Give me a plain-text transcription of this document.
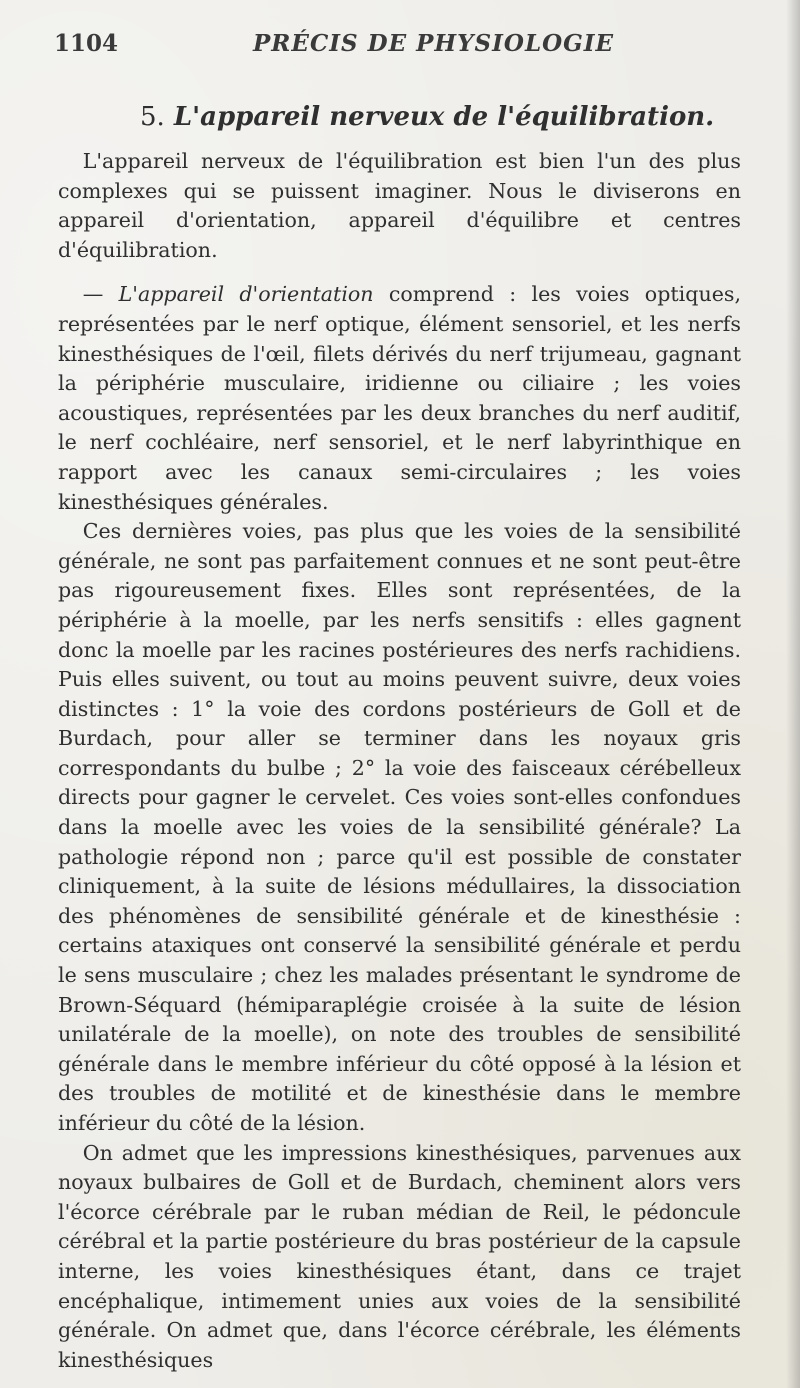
1104	PRÉCIS DE PHYSIOLOGIE
5. L'appareil nerveux de l'équilibration.

L'appareil nerveux de l'équilibration est bien l'un des plus complexes qui se puissent imaginer. Nous le diviserons en appareil d'orientation, appareil d'équilibre et centres d'équilibration.

— L'appareil d'orientation comprend : les voies optiques, représentées par le nerf optique, élément sensoriel, et les nerfs kinesthésiques de l'œil, filets dérivés du nerf trijumeau, gagnant la périphérie musculaire, iridienne ou ciliaire ; les voies acoustiques, représentées par les deux branches du nerf auditif, le nerf cochléaire, nerf sensoriel, et le nerf labyrinthique en rapport avec les canaux semi-circulaires ; les voies kinesthésiques générales.

Ces dernières voies, pas plus que les voies de la sensibilité générale, ne sont pas parfaitement connues et ne sont peut-être pas rigoureusement fixes. Elles sont représentées, de la périphérie à la moelle, par les nerfs sensitifs : elles gagnent donc la moelle par les racines postérieures des nerfs rachidiens. Puis elles suivent, ou tout au moins peuvent suivre, deux voies distinctes : 1° la voie des cordons postérieurs de Goll et de Burdach, pour aller se terminer dans les noyaux gris correspondants du bulbe ; 2° la voie des faisceaux cérébelleux directs pour gagner le cervelet. Ces voies sont-elles confondues dans la moelle avec les voies de la sensibilité générale? La pathologie répond non ; parce qu'il est possible de constater cliniquement, à la suite de lésions médullaires, la dissociation des phénomènes de sensibilité générale et de kinesthésie : certains ataxiques ont conservé la sensibilité générale et perdu le sens musculaire ; chez les malades présentant le syndrome de Brown-Séquard (hémiparaplégie croisée à la suite de lésion unilatérale de la moelle), on note des troubles de sensibilité générale dans le membre inférieur du côté opposé à la lésion et des troubles de motilité et de kinesthésie dans le membre inférieur du côté de la lésion.

On admet que les impressions kinesthésiques, parvenues aux noyaux bulbaires de Goll et de Burdach, cheminent alors vers l'écorce cérébrale par le ruban médian de Reil, le pédoncule cérébral et la partie postérieure du bras postérieur de la capsule interne, les voies kinesthésiques étant, dans ce trajet encéphalique, intimement unies aux voies de la sensibilité générale. On admet que, dans l'écorce cérébrale, les éléments kinesthésiques
